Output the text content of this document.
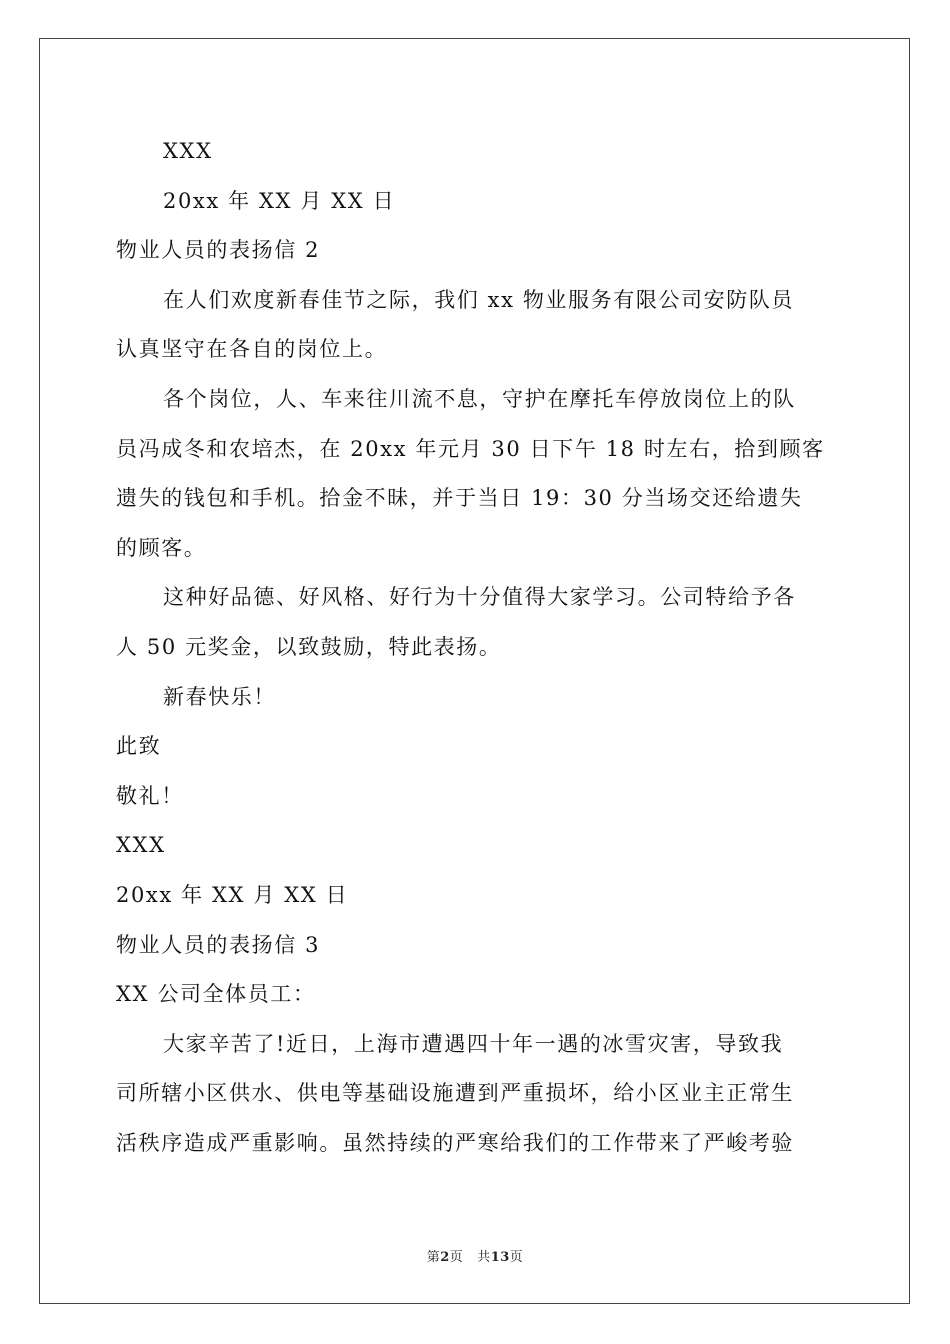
XXX
20xx 年 XX 月 XX 日
物业人员的表扬信 2
在人们欢度新春佳节之际，我们 xx 物业服务有限公司安防队员
认真坚守在各自的岗位上。
各个岗位，人、车来往川流不息，守护在摩托车停放岗位上的队
员冯成冬和农培杰，在 20xx 年元月 30 日下午 18 时左右，拾到顾客
遗失的钱包和手机。拾金不昧，并于当日 19：30 分当场交还给遗失
的顾客。
这种好品德、好风格、好行为十分值得大家学习。公司特给予各
人 50 元奖金，以致鼓励，特此表扬。
新春快乐！
此致
敬礼！
XXX
20xx 年 XX 月 XX 日
物业人员的表扬信 3
XX 公司全体员工：
大家辛苦了!近日，上海市遭遇四十年一遇的冰雪灾害，导致我
司所辖小区供水、供电等基础设施遭到严重损坏，给小区业主正常生
活秩序造成严重影响。虽然持续的严寒给我们的工作带来了严峻考验
第2页 共13页
